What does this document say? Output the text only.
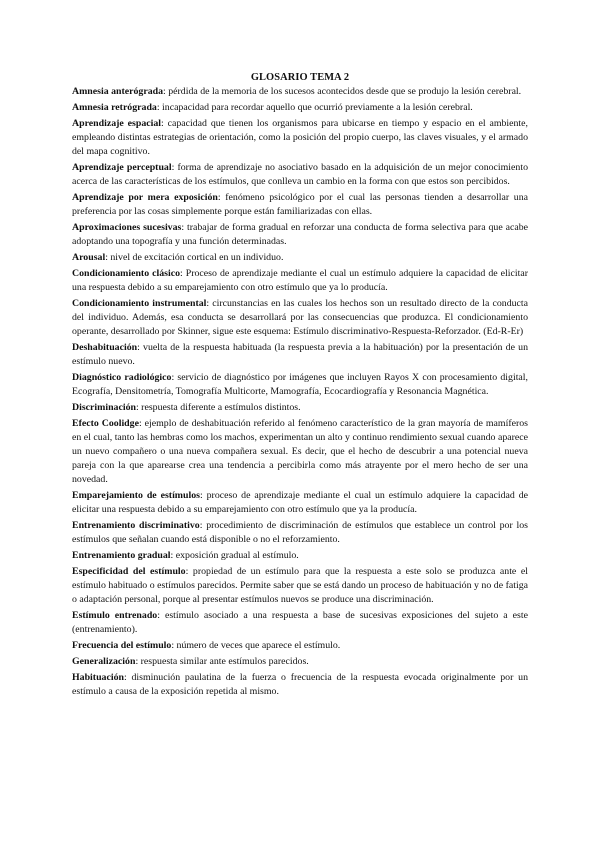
GLOSARIO TEMA 2
Amnesia anterógrada: pérdida de la memoria de los sucesos acontecidos desde que se produjo la lesión cerebral.
Amnesia retrógrada: incapacidad para recordar aquello que ocurrió previamente a la lesión cerebral.
Aprendizaje espacial: capacidad que tienen los organismos para ubicarse en tiempo y espacio en el ambiente, empleando distintas estrategias de orientación, como la posición del propio cuerpo, las claves visuales, y el armado del mapa cognitivo.
Aprendizaje perceptual: forma de aprendizaje no asociativo basado en la adquisición de un mejor conocimiento acerca de las características de los estímulos, que conlleva un cambio en la forma con que estos son percibidos.
Aprendizaje por mera exposición: fenómeno psicológico por el cual las personas tienden a desarrollar una preferencia por las cosas simplemente porque están familiarizadas con ellas.
Aproximaciones sucesivas: trabajar de forma gradual en reforzar una conducta de forma selectiva para que acabe adoptando una topografía y una función determinadas.
Arousal: nivel de excitación cortical en un individuo.
Condicionamiento clásico: Proceso de aprendizaje mediante el cual un estímulo adquiere la capacidad de elicitar una respuesta debido a su emparejamiento con otro estímulo que ya lo producía.
Condicionamiento instrumental: circunstancias en las cuales los hechos son un resultado directo de la conducta del individuo. Además, esa conducta se desarrollará por las consecuencias que produzca. El condicionamiento operante, desarrollado por Skinner, sigue este esquema: Estímulo discriminativo-Respuesta-Reforzador. (Ed-R-Er)
Deshabituación: vuelta de la respuesta habituada (la respuesta previa a la habituación) por la presentación de un estímulo nuevo.
Diagnóstico radiológico: servicio de diagnóstico por imágenes que incluyen Rayos X con procesamiento digital, Ecografía, Densitometría, Tomografía Multicorte, Mamografía, Ecocardiografía y Resonancia Magnética.
Discriminación: respuesta diferente a estímulos distintos.
Efecto Coolidge: ejemplo de deshabituación referido al fenómeno característico de la gran mayoría de mamíferos en el cual, tanto las hembras como los machos, experimentan un alto y continuo rendimiento sexual cuando aparece un nuevo compañero o una nueva compañera sexual. Es decir, que el hecho de descubrir a una potencial nueva pareja con la que aparearse crea una tendencia a percibirla como más atrayente por el mero hecho de ser una novedad.
Emparejamiento de estímulos: proceso de aprendizaje mediante el cual un estímulo adquiere la capacidad de elicitar una respuesta debido a su emparejamiento con otro estímulo que ya la producía.
Entrenamiento discriminativo: procedimiento de discriminación de estímulos que establece un control por los estímulos que señalan cuando está disponible o no el reforzamiento.
Entrenamiento gradual: exposición gradual al estímulo.
Especificidad del estímulo: propiedad de un estímulo para que la respuesta a este solo se produzca ante el estímulo habituado o estímulos parecidos. Permite saber que se está dando un proceso de habituación y no de fatiga o adaptación personal, porque al presentar estímulos nuevos se produce una discriminación.
Estímulo entrenado: estímulo asociado a una respuesta a base de sucesivas exposiciones del sujeto a este (entrenamiento).
Frecuencia del estímulo: número de veces que aparece el estímulo.
Generalización: respuesta similar ante estímulos parecidos.
Habituación: disminución paulatina de la fuerza o frecuencia de la respuesta evocada originalmente por un estímulo a causa de la exposición repetida al mismo.
